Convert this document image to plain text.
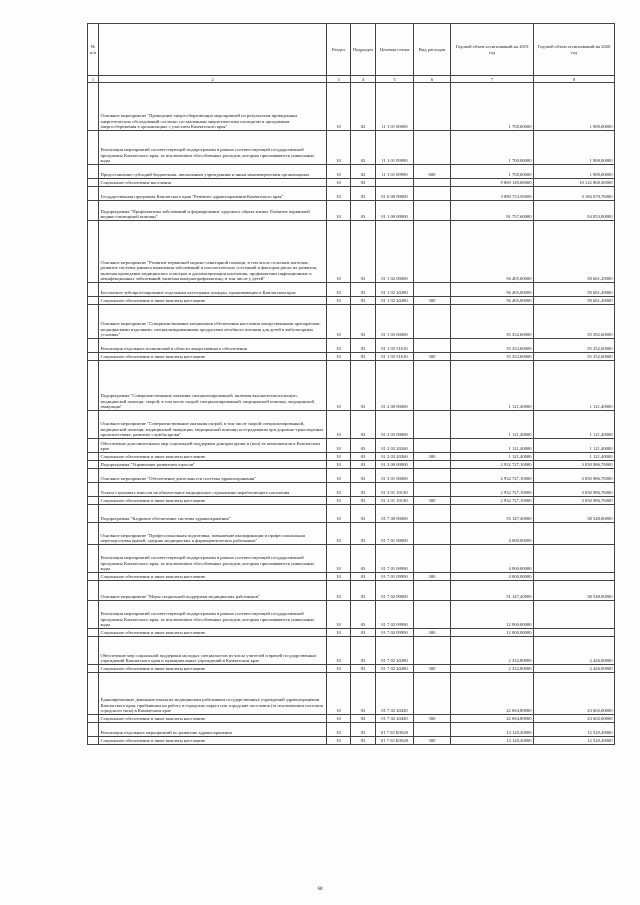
№ п/п		Раздел	Подраздел	Целевая статья	Вид расходов	Годовой объем ассигнований на 2019 год	Годовой объем ассигнований на 2020 год
1	2	3	4	5	6	7	8
	Основное мероприятие "Проведение энергосберегающих мероприятий по результатам проведенных энергетических обследований согласно составленным энергетическим паспортам и программам энергосбережения в организациях с участием Камчатского края"	10	02	11 1 01 00000		1 700,00000	1 900,00000
	Реализация мероприятий соответствующей подпрограммы в рамках соответствующей государственной программы Камчатского края, за исключением обособленных расходов, которым присваиваются уникальные коды	10	02	11 1 01 09990		1 700,00000	1 900,00000
	Предоставление субсидий бюджетным, автономным учреждениям и иным некоммерческим организациям	10	02	11 1 01 09990	600	1 700,00000	1 900,00000
	Социальное обеспечение населения	10	03			9 869 149,60000	10 122 868,30000
	Государственная программа Камчатского края "Развитие здравоохранения Камчатского края"	10	03	01 0 00 00000		3 080 753,50000	3 184 670,70000
	Подпрограмма "Профилактика заболеваний и формирование здорового образа жизни. Развитие первичной медико-санитарной помощи"	10	03	01 1 00 00000		91 757,60000	94 053,80000
	Основное мероприятие "Развитие первичной медико-санитарной помощи, в том числе сельским жителям, развитие системы раннего выявления заболеваний и патологических состояний и факторов риска их развития, включая проведение медицинских осмотров и диспансеризации населения, профилактика инфекционных и неинфекционных заболеваний, включая иммунопрофилактику, в том числе у детей"	10	03	01 1 02 00000		56 405,00000	58 661,20000
	Бесплатное зубопротезирование отдельным категориям граждан, проживающим в Камчатском крае	10	03	01 1 02 20280		56 405,00000	58 661,20000
	Социальное обеспечение и иные выплаты населению	10	03	01 1 02 20280	300	56 405,00000	58 661,20000
	Основное мероприятие "Совершенствование механизмов обеспечения населения лекарственными препаратами, медицинскими изделиями, специализированными продуктами лечебного питания для детей в амбулаторных условиях"	10	03	01 1 03 00000		35 352,60000	35 392,60000
	Реализация отдельных полномочий в области лекарственного обеспечения	10	03	01 1 03 51610		35 352,60000	35 352,60000
	Социальное обеспечение и иные выплаты населению	10	03	01 1 03 51610	300	35 352,60000	35 352,60000
	Подпрограмма "Совершенствование оказания специализированной, включая высокотехнологичную, медицинской помощи, скорой, в том числе скорой специализированной, медицинской помощи, медицинской эвакуации"	10	03	01 2 00 00000		1 121,40000	1 121,40000
	Основное мероприятие "Совершенствование оказания скорой, в том числе скорой специализированной, медицинской помощи, медицинской эвакуации, медицинской помощи пострадавшим при дорожно-транспортных происшествиях, развитие службы крови"	10	03	01 2 03 00000		1 121,40000	1 121,40000
	Обеспечение дополнительных мер социальной поддержки донорам крови и (или) ее компонентов в Камчатском крае	10	03	01 2 03 20260		1 121,40000	1 121,40000
	Социальное обеспечение и иные выплаты населению	10	03	01 2 03 20260	300	1 121,40000	1 121,40000
	Подпрограмма "Управление развитием отрасли"	10	03	01 3 00 00000		2 932 727,10000	3 050 986,70000
	Основное мероприятие "Обеспечение деятельности системы здравоохранения"	10	03	01 3 01 00000		2 932 727,10000	3 050 986,70000
	Уплата страховых взносов на обязательное медицинское страхование неработающего населения	10	03	01 3 01 10130		2 932 727,10000	3 050 986,70000
	Социальное обеспечение и иные выплаты населению	10	03	01 3 01 10130	300	2 932 727,10000	3 050 986,70000
	Подпрограмма "Кадровое обеспечение системы здравоохранения"	10	03	01 7 00 00000		55 147,40000	38 548,80000
	Основное мероприятие "Профессиональная подготовка, повышение квалификации и профессиональная переподготовка врачей, средних медицинских и фармацевтических работников"	10	03	01 7 01 00000		4 000,00000	
	Реализация мероприятий соответствующей подпрограммы в рамках соответствующей государственной программы Камчатского края, за исключением обособленных расходов, которым присваиваются уникальные коды	10	03	01 7 01 09990		4 000,00000	
	Социальное обеспечение и иные выплаты населению	10	03	01 7 01 09990	300	4 000,00000	
	Основное мероприятие "Меры социальной поддержки медицинских работников"	10	03	01 7 02 00000		51 147,40000	38 548,80000
	Реализация мероприятий соответствующей подпрограммы в рамках соответствующей государственной программы Камчатского края, за исключением обособленных расходов, которым присваиваются уникальные коды	10	03	01 7 02 09990		12 000,00000	
	Социальное обеспечение и иные выплаты населению	10	03	01 7 02 09990	300	12 000,00000	
	Обеспечение мер социальной поддержки молодых специалистов из числа учителей и врачей государственных учреждений Камчатского края и муниципальных учреждений в Камчатском крае	10	03	01 7 02 20280		2 332,80000	2 426,00000
	Социальное обеспечение и иные выплаты населению	10	03	01 7 02 20280	300	2 332,80000	2 426,00000
	Единовременные денежные выплаты медицинским работникам государственных учреждений здравоохранения Камчатского края, прибывшим на работу в городские округа или городские поселения (за исключением поселков городского типа) в Камчатском крае	10	03	01 7 02 20420		22 694,80000	23 602,00000
	Социальное обеспечение и иные выплаты населению	10	03	01 7 02 20420	300	22 694,80000	23 602,00000
	Реализация отдельных мероприятий по развитию здравоохранения	10	03	01 7 02 R3820		14 120,20000	12 520,20000
	Социальное обеспечение и иные выплаты населению	10	03	01 7 02 R3820	300	14 120,20000	12 520,20000
68
